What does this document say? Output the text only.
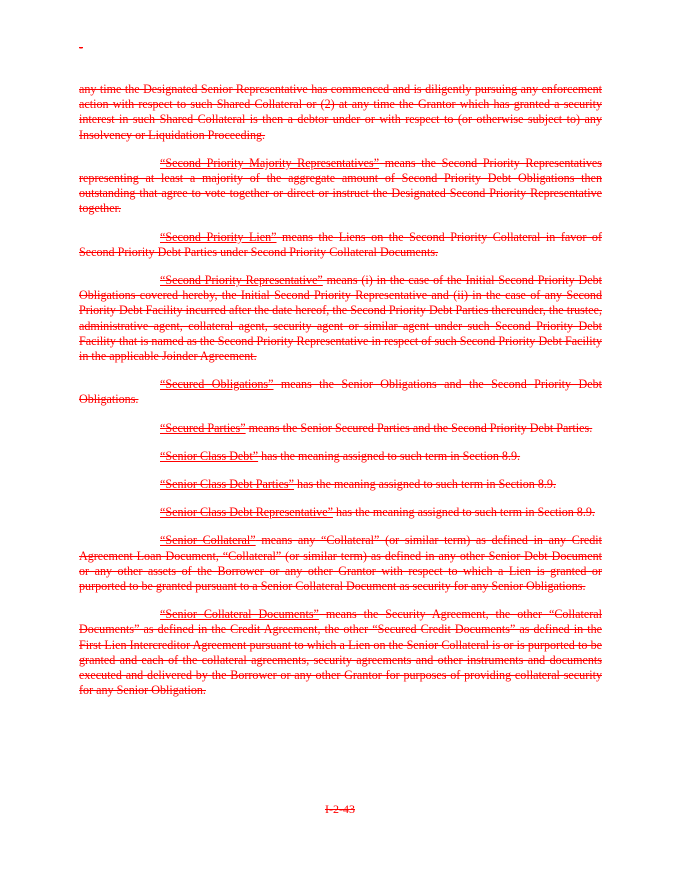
-

any time the Designated Senior Representative has commenced and is diligently pursuing any enforcement action with respect to such Shared Collateral or (2) at any time the Grantor which has granted a security interest in such Shared Collateral is then a debtor under or with respect to (or otherwise subject to) any Insolvency or Liquidation Proceeding.

“Second Priority Majority Representatives” means the Second Priority Representatives representing at least a majority of the aggregate amount of Second Priority Debt Obligations then outstanding that agree to vote together or direct or instruct the Designated Second Priority Representative together.

“Second Priority Lien” means the Liens on the Second Priority Collateral in favor of Second Priority Debt Parties under Second Priority Collateral Documents.

“Second Priority Representative” means (i) in the case of the Initial Second Priority Debt Obligations covered hereby, the Initial Second Priority Representative and (ii) in the case of any Second Priority Debt Facility incurred after the date hereof, the Second Priority Debt Parties thereunder, the trustee, administrative agent, collateral agent, security agent or similar agent under such Second Priority Debt Facility that is named as the Second Priority Representative in respect of such Second Priority Debt Facility in the applicable Joinder Agreement.

“Secured Obligations” means the Senior Obligations and the Second Priority Debt Obligations.

“Secured Parties” means the Senior Secured Parties and the Second Priority Debt Parties.

“Senior Class Debt” has the meaning assigned to such term in Section 8.9.

“Senior Class Debt Parties” has the meaning assigned to such term in Section 8.9.

“Senior Class Debt Representative” has the meaning assigned to such term in Section 8.9.

“Senior Collateral” means any “Collateral” (or similar term) as defined in any Credit Agreement Loan Document, “Collateral” (or similar term) as defined in any other Senior Debt Document or any other assets of the Borrower or any other Grantor with respect to which a Lien is granted or purported to be granted pursuant to a Senior Collateral Document as security for any Senior Obligations.

“Senior Collateral Documents” means the Security Agreement, the other “Collateral Documents” as defined in the Credit Agreement, the other “Secured Credit Documents” as defined in the First Lien Intercreditor Agreement pursuant to which a Lien on the Senior Collateral is or is purported to be granted and each of the collateral agreements, security agreements and other instruments and documents executed and delivered by the Borrower or any other Grantor for purposes of providing collateral security for any Senior Obligation.

I-2-43
